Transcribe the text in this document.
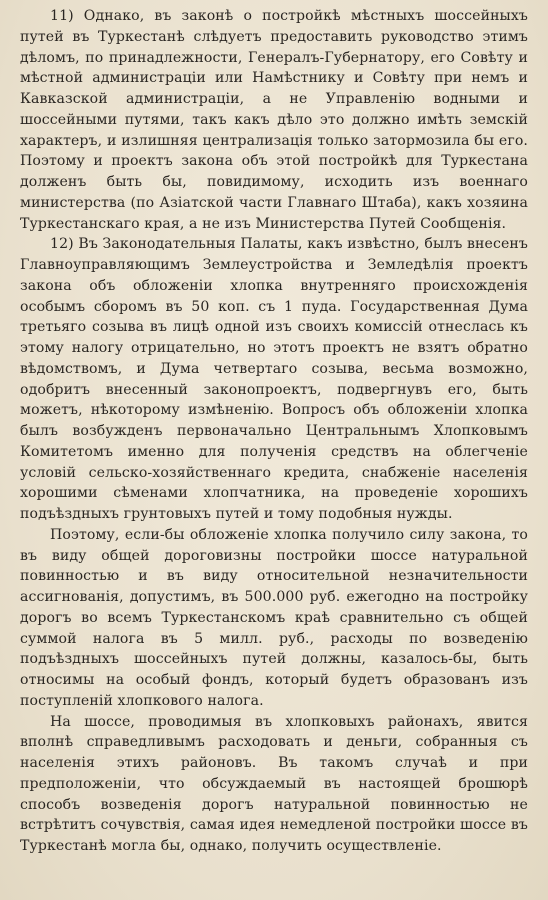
11) Однако, въ законѣ о постройкѣ мѣстныхъ шоссейныхъ путей въ Туркестанѣ слѣдуетъ предоставить руководство этимъ дѣломъ, по принадлежности, Генералъ-Губернатору, его Совѣту и мѣстной администраціи или Намѣстнику и Совѣту при немъ и Кавказской администраціи, а не Управленію водными и шоссейными путями, такъ какъ дѣло это должно имѣть земскій характеръ, и излишняя централизація только затормозила бы его. Поэтому и проектъ закона объ этой постройкѣ для Туркестана долженъ быть бы, повидимому, исходить изъ военнаго министерства (по Азіатской части Главнаго Штаба), какъ хозяина Туркестанскаго края, а не изъ Министерства Путей Сообщенія.

12) Въ Законодательныя Палаты, какъ извѣстно, былъ внесенъ Главноуправляющимъ Землеустройства и Земледѣлія проектъ закона объ обложеніи хлопка внутренняго происхожденія особымъ сборомъ въ 50 коп. съ 1 пуда. Государственная Дума третьяго созыва въ лицѣ одной изъ своихъ комиссій отнеслась къ этому налогу отрицательно, но этотъ проектъ не взятъ обратно вѣдомствомъ, и Дума четвертаго созыва, весьма возможно, одобритъ внесенный законопроектъ, подвергнувъ его, быть можетъ, нѣкоторому измѣненію. Вопросъ объ обложеніи хлопка былъ возбужденъ первоначально Центральнымъ Хлопковымъ Комитетомъ именно для полученія средствъ на облегченіе условій сельско-хозяйственнаго кредита, снабженіе населенія хорошими сѣменами хлопчатника, на проведеніе хорошихъ подъѣздныхъ грунтовыхъ путей и тому подобныя нужды.

Поэтому, если-бы обложеніе хлопка получило силу закона, то въ виду общей дороговизны постройки шоссе натуральной повинностью и въ виду относительной незначительности ассигнованія, допустимъ, въ 500.000 руб. ежегодно на постройку дорогъ во всемъ Туркестанскомъ краѣ сравнительно съ общей суммой налога въ 5 милл. руб., расходы по возведенію подъѣздныхъ шоссейныхъ путей должны, казалось-бы, быть относимы на особый фондъ, который будетъ образованъ изъ поступленій хлопкового налога.

На шоссе, проводимыя въ хлопковыхъ районахъ, явится вполнѣ справедливымъ расходовать и деньги, собранныя съ населенія этихъ районовъ. Въ такомъ случаѣ и при предположеніи, что обсуждаемый въ настоящей брошюрѣ способъ возведенія дорогъ натуральной повинностью не встрѣтитъ сочувствія, самая идея немедленой постройки шоссе въ Туркестанѣ могла бы, однако, получить осуществленіе.
